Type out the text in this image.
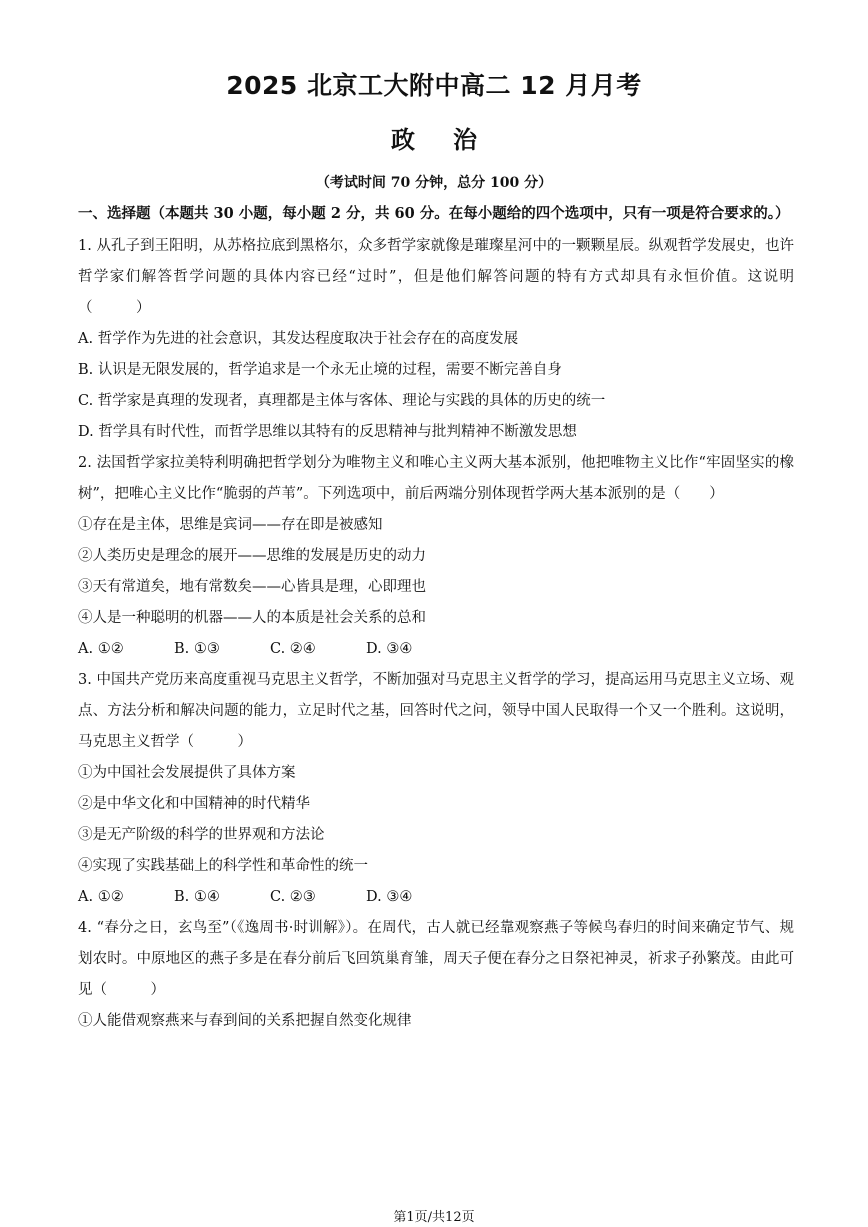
2025 北京工大附中高二 12 月月考
政治
（考试时间 70 分钟，总分 100 分）
一、选择题（本题共 30 小题，每小题 2 分，共 60 分。在每小题给的四个选项中，只有一项是符合要求的。）
1. 从孔子到王阳明，从苏格拉底到黑格尔，众多哲学家就像是璀璨星河中的一颗颗星辰。纵观哲学发展史，也许哲学家们解答哲学问题的具体内容已经“过时”，但是他们解答问题的特有方式却具有永恒价值。这说明　（　　　）
A. 哲学作为先进的社会意识，其发达程度取决于社会存在的高度发展
B. 认识是无限发展的，哲学追求是一个永无止境的过程，需要不断完善自身
C. 哲学家是真理的发现者，真理都是主体与客体、理论与实践的具体的历史的统一
D. 哲学具有时代性，而哲学思维以其特有的反思精神与批判精神不断激发思想
2. 法国哲学家拉美特利明确把哲学划分为唯物主义和唯心主义两大基本派别，他把唯物主义比作“牢固坚实的橡树”，把唯心主义比作“脆弱的芦苇”。下列选项中，前后两端分别体现哲学两大基本派别的是（　　）
①存在是主体，思维是宾词——存在即是被感知
②人类历史是理念的展开——思维的发展是历史的动力
③天有常道矣，地有常数矣——心皆具是理，心即理也
④人是一种聪明的机器——人的本质是社会关系的总和
A. ①②	B. ①③	C. ②④	D. ③④
3. 中国共产党历来高度重视马克思主义哲学，不断加强对马克思主义哲学的学习，提高运用马克思主义立场、观点、方法分析和解决问题的能力，立足时代之基，回答时代之问，领导中国人民取得一个又一个胜利。这说明，马克思主义哲学（　　　）
①为中国社会发展提供了具体方案
②是中华文化和中国精神的时代精华
③是无产阶级的科学的世界观和方法论
④实现了实践基础上的科学性和革命性的统一
A. ①②	B. ①④	C. ②③	D. ③④
4. “春分之日，玄鸟至”（《逸周书·时训解》）。在周代，古人就已经靠观察燕子等候鸟春归的时间来确定节气、规划农时。中原地区的燕子多是在春分前后飞回筑巢育雏，周天子便在春分之日祭祀神灵，祈求子孙繁茂。由此可见（　　　）
①人能借观察燕来与春到间的关系把握自然变化规律
第1页/共12页
